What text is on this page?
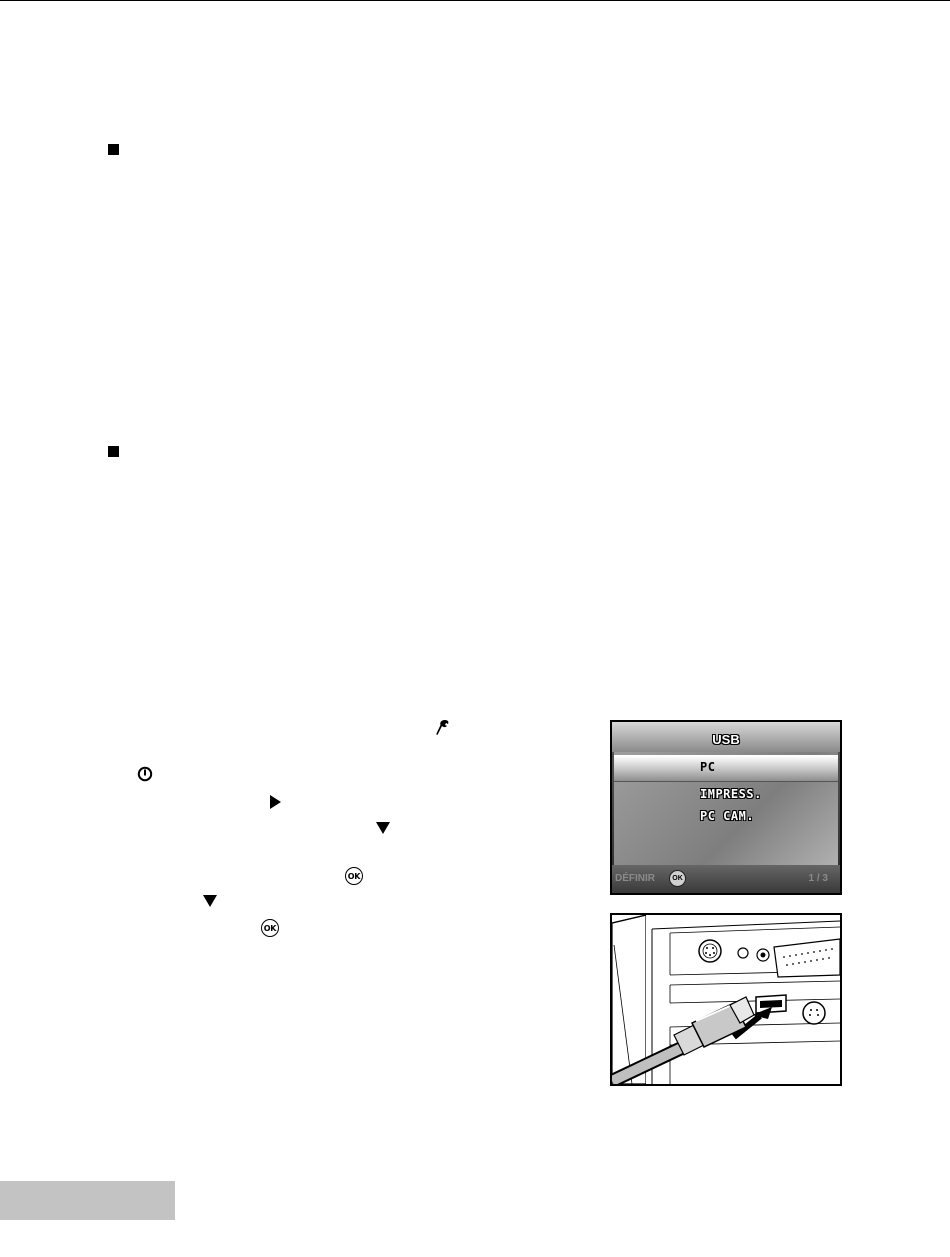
OK
OK
USB
PC
IMPRESS.
PC CAM.
DÉFINIR OK	1 / 3
